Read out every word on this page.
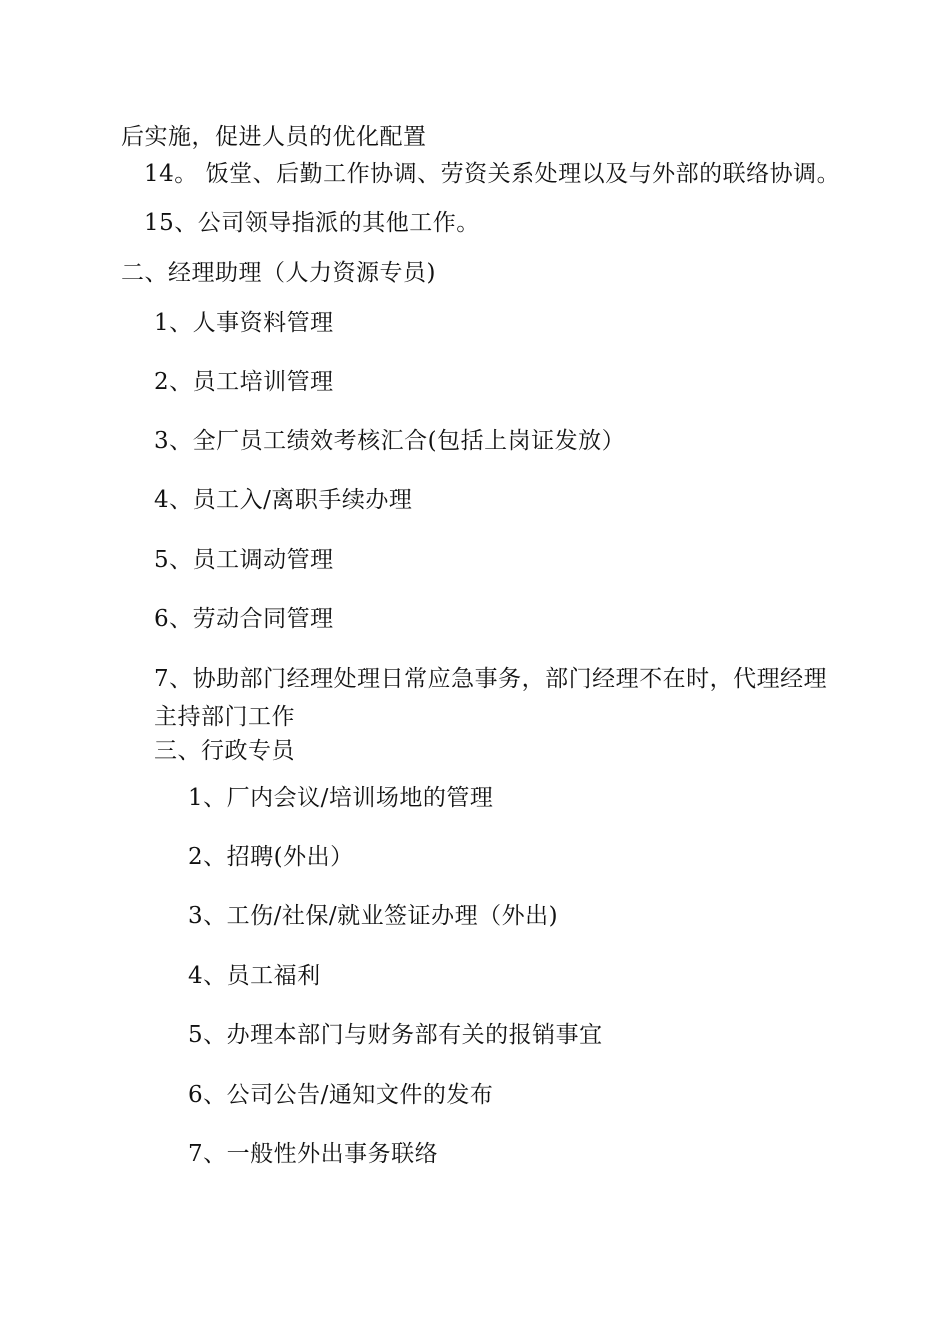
后实施，促进人员的优化配置
14。 饭堂、后勤工作协调、劳资关系处理以及与外部的联络协调。
15、公司领导指派的其他工作。
二、经理助理（人力资源专员)
1、人事资料管理
2、员工培训管理
3、全厂员工绩效考核汇合(包括上岗证发放）
4、员工入/离职手续办理
5、员工调动管理
6、劳动合同管理
7、协助部门经理处理日常应急事务，部门经理不在时，代理经理
主持部门工作
三、行政专员
1、厂内会议/培训场地的管理
2、招聘(外出）
3、工伤/社保/就业签证办理（外出)
4、员工福利
5、办理本部门与财务部有关的报销事宜
6、公司公告/通知文件的发布
7、一般性外出事务联络
